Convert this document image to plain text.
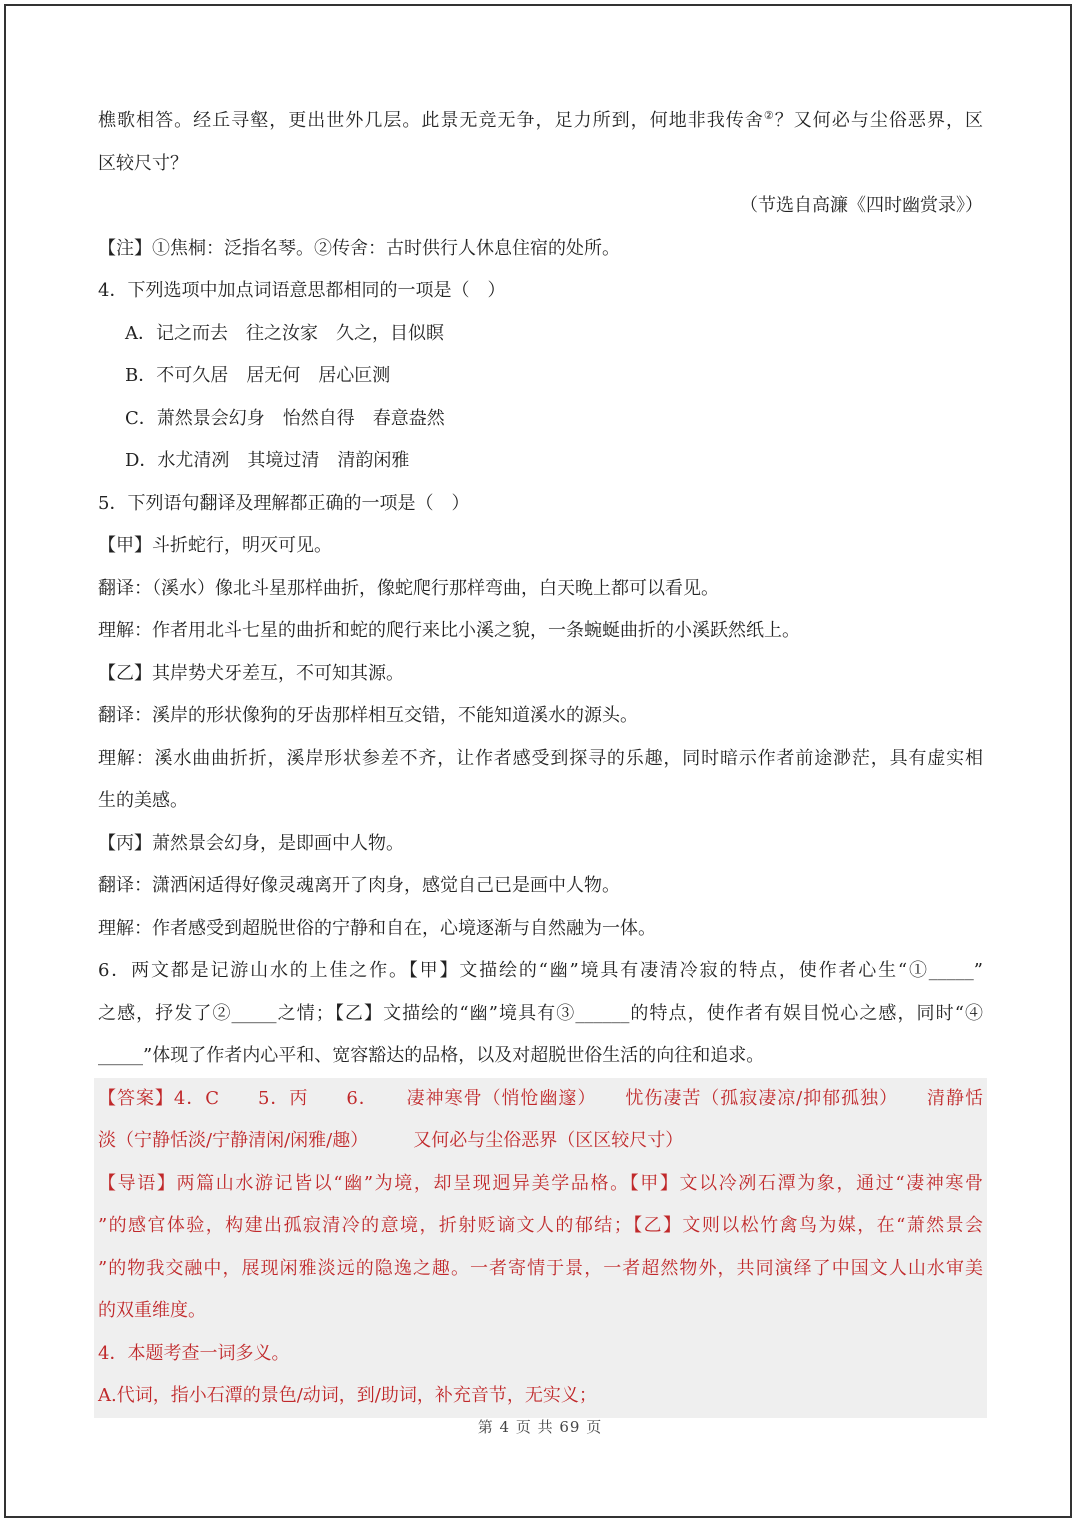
樵歌相答。经丘寻壑，更出世外几层。此景无竞无争，足力所到，何地非我传舍②？又何必与尘俗恶界，区
区较尺寸？
（节选自高濂《四时幽赏录》）
【注】①焦桐：泛指名琴。②传舍：古时供行人休息住宿的处所。
4．下列选项中加点词语意思都相同的一项是（　）
A．记之而去　往之汝家　久之，目似瞑
B．不可久居　居无何　居心叵测
C．萧然景会幻身　怡然自得　春意盎然
D．水尤清冽　其境过清　清韵闲雅
5．下列语句翻译及理解都正确的一项是（　）
【甲】斗折蛇行，明灭可见。
翻译：（溪水）像北斗星那样曲折，像蛇爬行那样弯曲，白天晚上都可以看见。
理解：作者用北斗七星的曲折和蛇的爬行来比小溪之貌，一条蜿蜒曲折的小溪跃然纸上。
【乙】其岸势犬牙差互，不可知其源。
翻译：溪岸的形状像狗的牙齿那样相互交错，不能知道溪水的源头。
理解：溪水曲曲折折，溪岸形状参差不齐，让作者感受到探寻的乐趣，同时暗示作者前途渺茫，具有虚实相
生的美感。
【丙】萧然景会幻身，是即画中人物。
翻译：潇洒闲适得好像灵魂离开了肉身，感觉自己已是画中人物。
理解：作者感受到超脱世俗的宁静和自在，心境逐渐与自然融为一体。
6．两文都是记游山水的上佳之作。【甲】文描绘的“幽”境具有凄清冷寂的特点，使作者心生“①_____”
之感，抒发了②_____之情；【乙】文描绘的“幽”境具有③______的特点，使作者有娱目悦心之感，同时“④
_____”体现了作者内心平和、宽容豁达的品格，以及对超脱世俗生活的向往和追求。
【答案】4．C　　5．丙　　6．　　凄神寒骨（悄怆幽邃）　　忧伤凄苦（孤寂凄凉/抑郁孤独）　　清静恬
淡（宁静恬淡/宁静清闲/闲雅/趣）　　　又何必与尘俗恶界（区区较尺寸）
【导语】两篇山水游记皆以“幽”为境，却呈现迥异美学品格。【甲】文以冷冽石潭为象，通过“凄神寒骨
”的感官体验，构建出孤寂清冷的意境，折射贬谪文人的郁结；【乙】文则以松竹禽鸟为媒，在“萧然景会
”的物我交融中，展现闲雅淡远的隐逸之趣。一者寄情于景，一者超然物外，共同演绎了中国文人山水审美
的双重维度。
4．本题考查一词多义。
A.代词，指小石潭的景色/动词，到/助词，补充音节，无实义；
第 4 页 共 69 页
